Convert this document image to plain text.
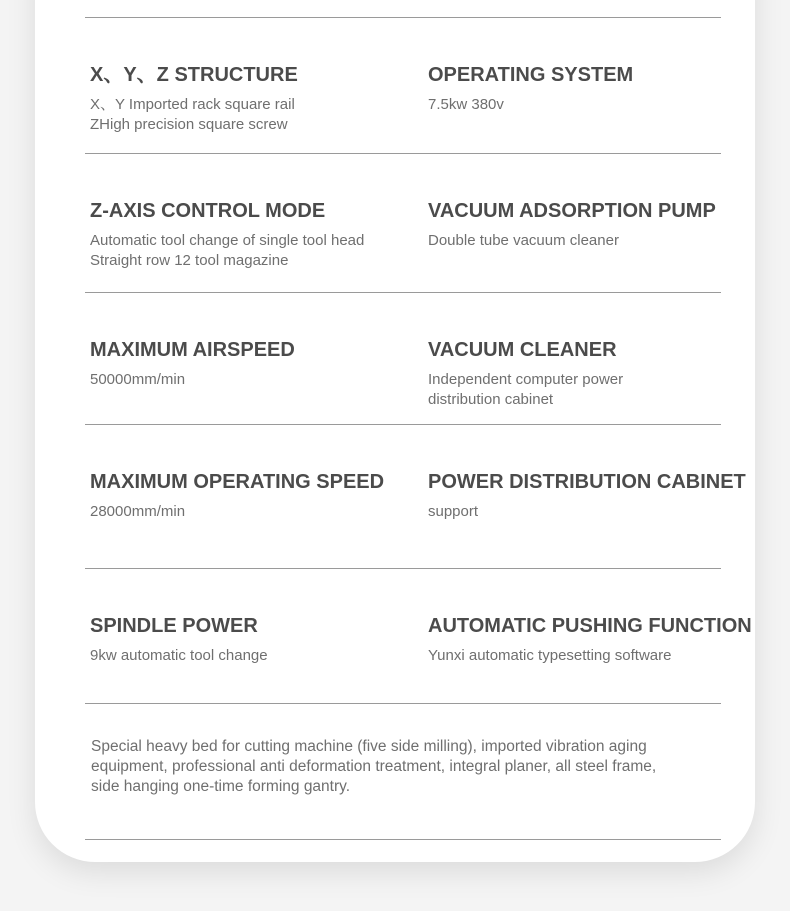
X、Y、Z STRUCTURE
X、Y Imported rack square rail
ZHigh precision square screw
OPERATING SYSTEM
7.5kw 380v
Z-AXIS CONTROL MODE
Automatic tool change of single tool head
Straight row 12 tool magazine
VACUUM ADSORPTION PUMP
Double tube vacuum cleaner
MAXIMUM AIRSPEED
50000mm/min
VACUUM CLEANER
Independent computer power
distribution cabinet
MAXIMUM OPERATING SPEED
28000mm/min
POWER DISTRIBUTION CABINET
support
SPINDLE POWER
9kw automatic tool change
AUTOMATIC PUSHING FUNCTION
Yunxi automatic typesetting software
Special heavy bed for cutting machine (five side milling), imported vibration aging
equipment, professional anti deformation treatment, integral planer, all steel frame,
side hanging one-time forming gantry.
